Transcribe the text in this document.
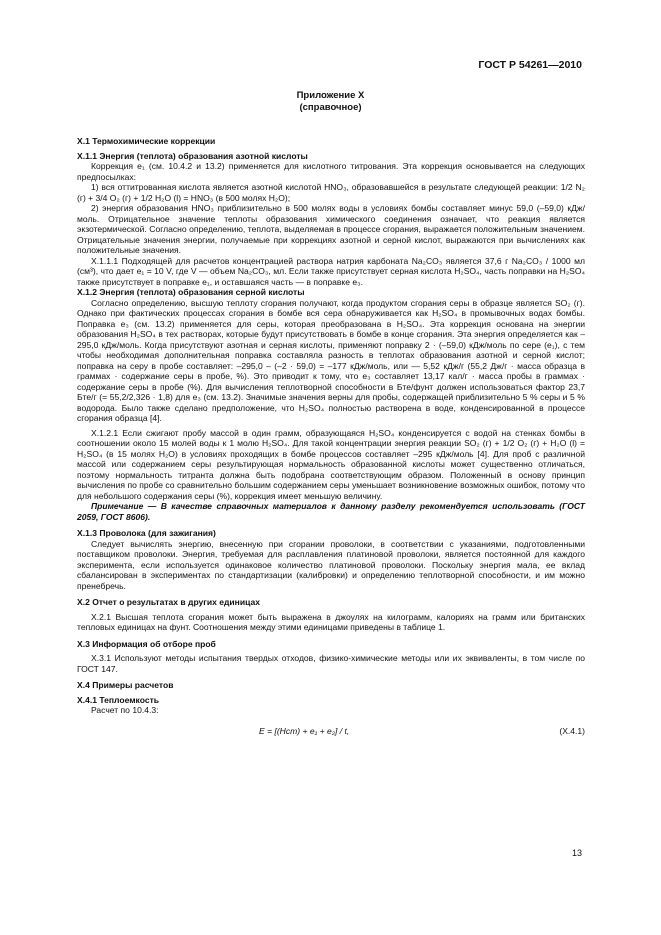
ГОСТ Р 54261—2010
Приложение X
(справочное)

X.1 Термохимические коррекции

X.1.1 Энергия (теплота) образования азотной кислоты

Коррекция e₁ (см. 10.4.2 и 13.2) применяется для кислотного титрования. Эта коррекция основывается на следующих предпосылках:

1) вся оттитрованная кислота является азотной кислотой HNO₃, образовавшейся в результате следующей реакции: 1/2 N₂ (г) + 3/4 O₂ (г) + 1/2 H₂O (l) = HNO₃ (в 500 молях H₂O);

2) энергия образования HNO₃ приблизительно в 500 молях воды в условиях бомбы составляет минус 59,0 (–59,0) кДж/моль. Отрицательное значение теплоты образования химического соединения означает, что реакция является экзотермической. Согласно определению, теплота, выделяемая в процессе сгорания, выражается положительным значением. Отрицательные значения энергии, получаемые при коррекциях азотной и серной кислот, выражаются при вычислениях как положительные значения.

X.1.1.1 Подходящей для расчетов концентрацией раствора натрия карбоната Na₂CO₃ является 37,6 г Na₂CO₃ / 1000 мл (см³), что дает e₁ = 10 V, где V — объем Na₂CO₃, мл. Если также присутствует серная кислота H₂SO₄, часть поправки на H₂SO₄ также присутствует в поправке e₁, и оставшаяся часть — в поправке e₃.

X.1.2 Энергия (теплота) образования серной кислоты

Согласно определению, высшую теплоту сгорания получают, когда продуктом сгорания серы в образце является SO₂ (г). Однако при фактических процессах сгорания в бомбе вся сера обнаруживается как H₂SO₄ в промывочных водах бомбы. Поправка e₃ (см. 13.2) применяется для серы, которая преобразована в H₂SO₄. Эта коррекция основана на энергии образования H₂SO₄ в тех растворах, которые будут присутствовать в бомбе в конце сгорания. Эта энергия определяется как –295,0 кДж/моль. Когда присутствуют азотная и серная кислоты, применяют поправку 2 · (–59,0) кДж/моль по сере (e₁), с тем чтобы необходимая дополнительная поправка составляла разность в теплотах образования азотной и серной кислот; поправка на серу в пробе составляет: –295,0 – (–2 · 59,0) = –177 кДж/моль, или — 5,52 кДж/г (55,2 Дж/г · масса образца в граммах · содержание серы в пробе, %). Это приводит к тому, что e₃ составляет 13,17 кал/г · масса пробы в граммах · содержание серы в пробе (%). Для вычисления теплотворной способности в Бте/фунт должен использоваться фактор 23,7 Бте/г (= 55,2/2,326 · 1,8) для e₃ (см. 13.2). Значимые значения верны для пробы, содержащей приблизительно 5 % серы и 5 % водорода. Было также сделано предположение, что H₂SO₄ полностью растворена в воде, конденсированной в процессе сгорания образца [4].

X.1.2.1 Если сжигают пробу массой в один грамм, образующаяся H₂SO₄ конденсируется с водой на стенках бомбы в соотношении около 15 молей воды к 1 молю H₂SO₄. Для такой концентрации энергия реакции SO₂ (г) + 1/2 O₂ (г) + H₂O (l) = H₂SO₄ (в 15 молях H₂O) в условиях проходящих в бомбе процессов составляет –295 кДж/моль [4]. Для проб с различной массой или содержанием серы результирующая нормальность образованной кислоты может существенно отличаться, поэтому нормальность титранта должна быть подобрана соответствующим образом. Положенный в основу принцип вычисления по пробе со сравнительно большим содержанием серы уменьшает возникновение возможных ошибок, потому что для небольшого содержания серы (%), коррекция имеет меньшую величину.

Примечание — В качестве справочных материалов к данному разделу рекомендуется использовать (ГОСТ 2059, ГОСТ 8606).

X.1.3 Проволока (для зажигания)

Следует вычислять энергию, внесенную при сгорании проволоки, в соответствии с указаниями, подготовленными поставщиком проволоки. Энергия, требуемая для расплавления платиновой проволоки, является постоянной для каждого эксперимента, если используется одинаковое количество платиновой проволоки. Поскольку энергия мала, ее вклад сбалансирован в экспериментах по стандартизации (калибровки) и определению теплотворной способности, и им можно пренебречь.

X.2 Отчет о результатах в других единицах

X.2.1 Высшая теплота сгорания может быть выражена в джоулях на килограмм, калориях на грамм или британских тепловых единицах на фунт. Соотношения между этими единицами приведены в таблице 1.

X.3 Информация об отборе проб

X.3.1 Используют методы испытания твердых отходов, физико-химические методы или их эквиваленты, в том числе по ГОСТ 147.

X.4 Примеры расчетов

X.4.1 Теплоемкость

Расчет по 10.4.3:

E = [(Hcm) + e₁ + e₂] / t,	(X.4.1)
13
